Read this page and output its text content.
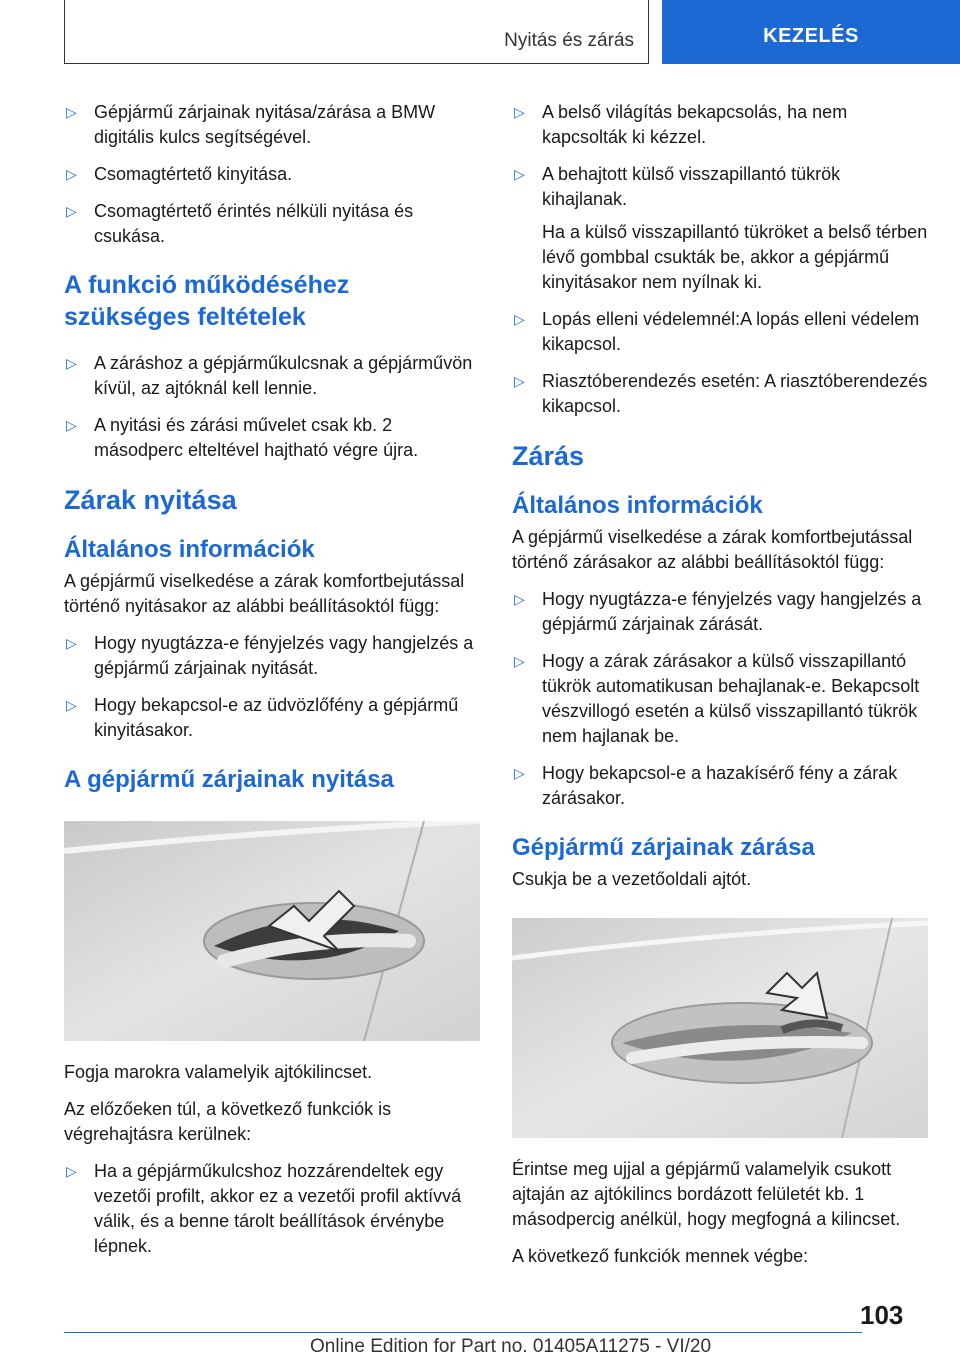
Nyitás és zárás	KEZELÉS
▷ Gépjármű zárjainak nyitása/zárása a BMW digitális kulcs segítségével.
▷ Csomagtértető kinyitása.
▷ Csomagtértető érintés nélküli nyitása és csukása.
A funkció működéséhez szükséges feltételek
▷ A záráshoz a gépjárműkulcsnak a gépjárművön kívül, az ajtóknál kell lennie.
▷ A nyitási és zárási művelet csak kb. 2 másodperc elteltével hajtható végre újra.
Zárak nyitása
Általános információk
A gépjármű viselkedése a zárak komfortbejutással történő nyitásakor az alábbi beállításoktól függ:
▷ Hogy nyugtázza-e fényjelzés vagy hangjelzés a gépjármű zárjainak nyitását.
▷ Hogy bekapcsol-e az üdvözlőfény a gépjármű kinyitásakor.
A gépjármű zárjainak nyitása
Fogja marokra valamelyik ajtókilincset.
Az előzőeken túl, a következő funkciók is végrehajtásra kerülnek:
▷ Ha a gépjárműkulcshoz hozzárendeltek egy vezetői profilt, akkor ez a vezetői profil aktívvá válik, és a benne tárolt beállítások érvénybe lépnek.
▷ A belső világítás bekapcsolás, ha nem kapcsolták ki kézzel.
▷ A behajtott külső visszapillantó tükrök kihajlanak.
Ha a külső visszapillantó tükröket a belső térben lévő gombbal csukták be, akkor a gépjármű kinyitásakor nem nyílnak ki.
▷ Lopás elleni védelemnél:A lopás elleni védelem kikapcsol.
▷ Riasztóberendezés esetén: A riasztóberendezés kikapcsol.
Zárás
Általános információk
A gépjármű viselkedése a zárak komfortbejutással történő zárásakor az alábbi beállításoktól függ:
▷ Hogy nyugtázza-e fényjelzés vagy hangjelzés a gépjármű zárjainak zárását.
▷ Hogy a zárak zárásakor a külső visszapillantó tükrök automatikusan behajlanak-e. Bekapcsolt vészvillogó esetén a külső visszapillantó tükrök nem hajlanak be.
▷ Hogy bekapcsol-e a hazakísérő fény a zárak zárásakor.
Gépjármű zárjainak zárása
Csukja be a vezetőoldali ajtót.
Érintse meg ujjal a gépjármű valamelyik csukott ajtaján az ajtókilincs bordázott felületét kb. 1 másodpercig anélkül, hogy megfogná a kilincset.
A következő funkciók mennek végbe:
103
Online Edition for Part no. 01405A11275 - VI/20
